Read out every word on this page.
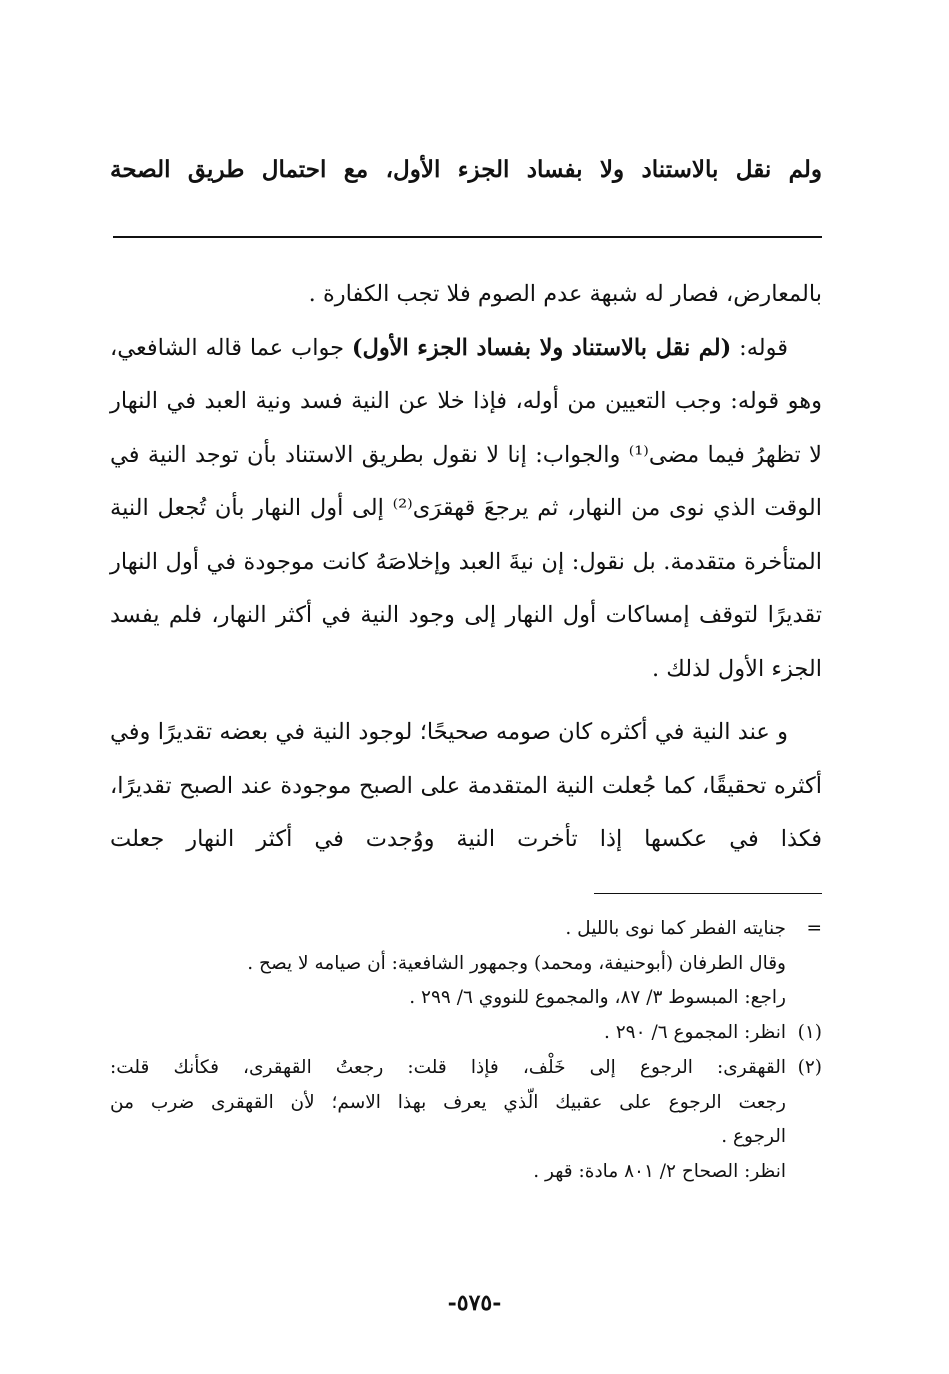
ولم نقل بالاستناد ولا بفساد الجزء الأول، مع احتمال طريق الصحة

بالمعارض، فصار له شبهة عدم الصوم فلا تجب الكفارة .

قوله: (لم نقل بالاستناد ولا بفساد الجزء الأول) جواب عما قاله الشافعي، وهو قوله: وجب التعيين من أوله، فإذا خلا عن النية فسد ونية العبد في النهار لا تظهرُ فيما مضى⁽¹⁾ والجواب: إنا لا نقول بطريق الاستناد بأن توجد النية في الوقت الذي نوى من النهار، ثم يرجعَ قهقرَى⁽²⁾ إلى أول النهار بأن تُجعل النية المتأخرة متقدمة. بل نقول: إن نيةَ العبد وإخلاصَهُ كانت موجودة في أول النهار تقديرًا لتوقف إمساكات أول النهار إلى وجود النية في أكثر النهار، فلم يفسد الجزء الأول لذلك .

و عند النية في أكثره كان صومه صحيحًا؛ لوجود النية في بعضه تقديرًا وفي أكثره تحقيقًا، كما جُعلت النية المتقدمة على الصبح موجودة عند الصبح تقديرًا، فكذا في عكسها إذا تأخرت النية ووُجدت في أكثر النهار جعلت

=
جنايته الفطر كما نوى بالليل .
وقال الطرفان (أبوحنيفة، ومحمد) وجمهور الشافعية: أن صيامه لا يصح .
راجع: المبسوط ٣/ ٨٧، والمجموع للنووي ٦/ ٢٩٩ .
(١)
انظر: المجموع ٦/ ٢٩٠ .
(٢)
القهقرى: الرجوع إلى خَلْف، فإذا قلت: رجعتُ القهقرى، فكأنك قلت:
رجعت الرجوع على عقبيك الّذي يعرف بهذا الاسم؛ لأن القهقرى ضرب من
الرجوع .
انظر: الصحاح ٢/ ٨٠١ مادة: قهر .
-٥٧٥-
